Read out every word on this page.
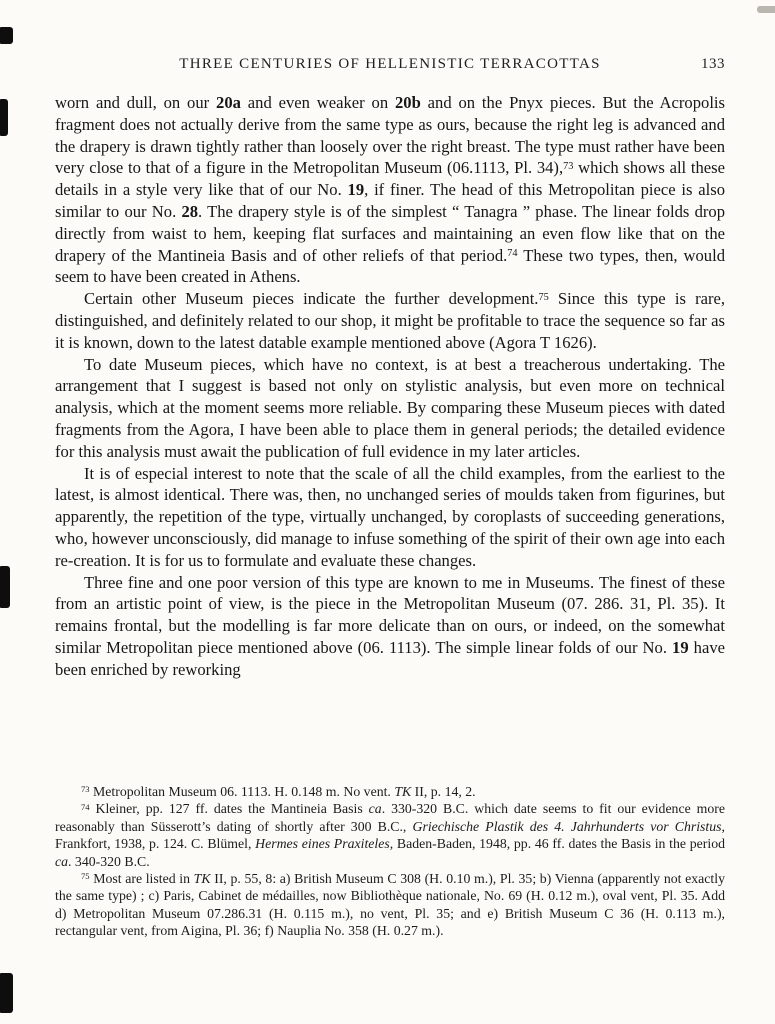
THREE CENTURIES OF HELLENISTIC TERRACOTTAS	133

worn and dull, on our 20a and even weaker on 20b and on the Pnyx pieces. But the Acropolis fragment does not actually derive from the same type as ours, because the right leg is advanced and the drapery is drawn tightly rather than loosely over the right breast. The type must rather have been very close to that of a figure in the Metropolitan Museum (06.1113, Pl. 34),$^{73}$ which shows all these details in a style very like that of our No. 19, if finer. The head of this Metropolitan piece is also similar to our No. 28. The drapery style is of the simplest “ Tanagra ” phase. The linear folds drop directly from waist to hem, keeping flat surfaces and maintaining an even flow like that on the drapery of the Mantineia Basis and of other reliefs of that period.$^{74}$ These two types, then, would seem to have been created in Athens.

Certain other Museum pieces indicate the further development.$^{75}$ Since this type is rare, distinguished, and definitely related to our shop, it might be profitable to trace the sequence so far as it is known, down to the latest datable example mentioned above (Agora T 1626).

To date Museum pieces, which have no context, is at best a treacherous undertaking. The arrangement that I suggest is based not only on stylistic analysis, but even more on technical analysis, which at the moment seems more reliable. By comparing these Museum pieces with dated fragments from the Agora, I have been able to place them in general periods; the detailed evidence for this analysis must await the publication of full evidence in my later articles.

It is of especial interest to note that the scale of all the child examples, from the earliest to the latest, is almost identical. There was, then, no unchanged series of moulds taken from figurines, but apparently, the repetition of the type, virtually unchanged, by coroplasts of succeeding generations, who, however unconsciously, did manage to infuse something of the spirit of their own age into each re-creation. It is for us to formulate and evaluate these changes.

Three fine and one poor version of this type are known to me in Museums. The finest of these from an artistic point of view, is the piece in the Metropolitan Museum (07. 286. 31, Pl. 35). It remains frontal, but the modelling is far more delicate than on ours, or indeed, on the somewhat similar Metropolitan piece mentioned above (06. 1113). The simple linear folds of our No. 19 have been enriched by reworking

$^{73}$ Metropolitan Museum 06. 1113. H. 0.148 m. No vent. TK II, p. 14, 2.

$^{74}$ Kleiner, pp. 127 ff. dates the Mantineia Basis ca. 330-320 B.C. which date seems to fit our evidence more reasonably than Süsserott’s dating of shortly after 300 B.C., Griechische Plastik des 4. Jahrhunderts vor Christus, Frankfort, 1938, p. 124. C. Blümel, Hermes eines Praxiteles, Baden-Baden, 1948, pp. 46 ff. dates the Basis in the period ca. 340-320 B.C.

$^{75}$ Most are listed in TK II, p. 55, 8: a) British Museum C 308 (H. 0.10 m.), Pl. 35; b) Vienna (apparently not exactly the same type) ; c) Paris, Cabinet de médailles, now Bibliothèque nationale, No. 69 (H. 0.12 m.), oval vent, Pl. 35. Add d) Metropolitan Museum 07.286.31 (H. 0.115 m.), no vent, Pl. 35; and e) British Museum C 36 (H. 0.113 m.), rectangular vent, from Aigina, Pl. 36; f) Nauplia No. 358 (H. 0.27 m.).
